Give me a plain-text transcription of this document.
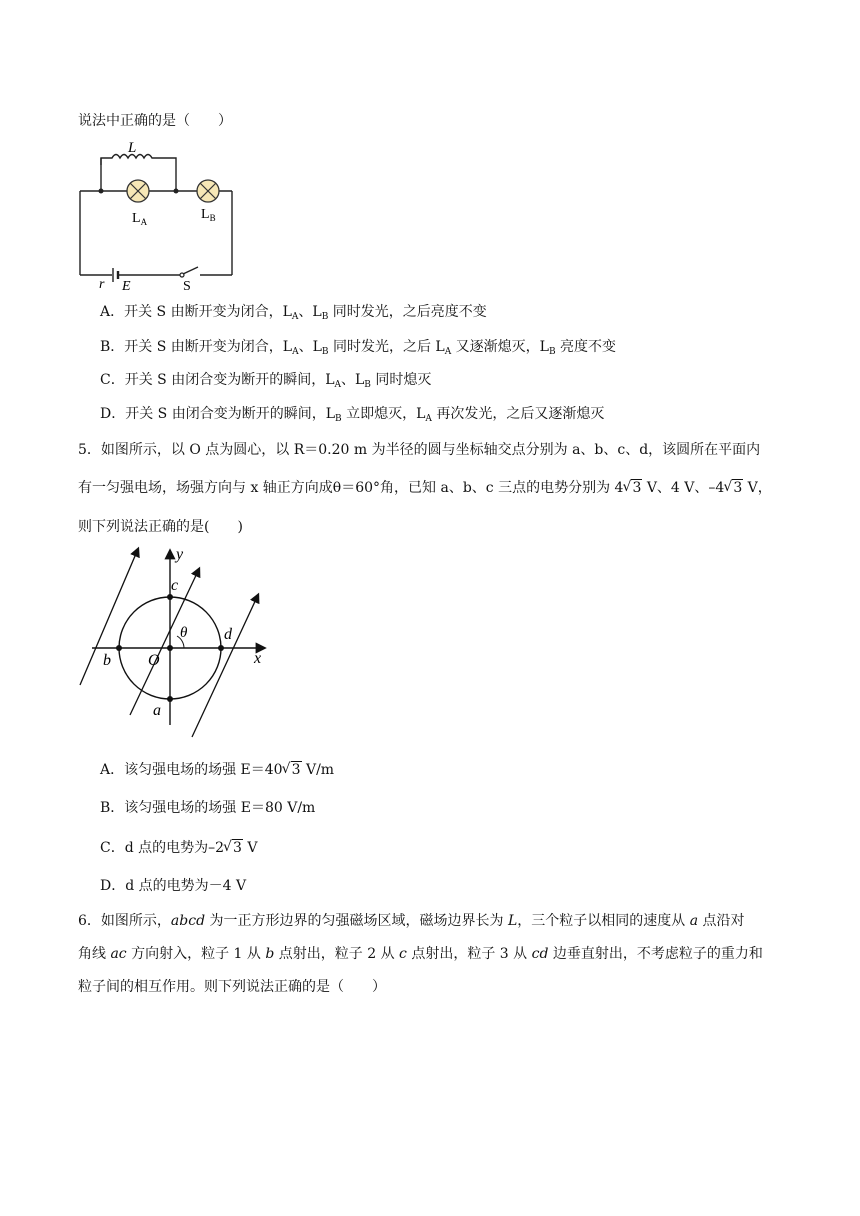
说法中正确的是（　　）
L
$L_A$	$L_B$
r E	S
A．开关 S 由断开变为闭合，$L_A$、$L_B$ 同时发光，之后亮度不变
B．开关 S 由断开变为闭合，$L_A$、$L_B$ 同时发光，之后 $L_A$ 又逐渐熄灭，$L_B$ 亮度不变
C．开关 S 由闭合变为断开的瞬间，$L_A$、$L_B$ 同时熄灭
D．开关 S 由闭合变为断开的瞬间，$L_B$ 立即熄灭，$L_A$ 再次发光，之后又逐渐熄灭
5．如图所示，以 O 点为圆心，以 R＝0.20 m 为半径的圆与坐标轴交点分别为 a、b、c、d，该圆所在平面内
有一匀强电场，场强方向与 x 轴正方向成θ＝60°角，已知 a、b、c 三点的电势分别为 4 √ 3 V、4 V、–4 √ 3 V，
则下列说法正确的是(　　)
y
x
c
d
b O
a
θ
A．该匀强电场的场强 E＝40 √ 3 V/m
B．该匀强电场的场强 E＝80 V/m
C．d 点的电势为–2 √ 3 V
D．d 点的电势为－4 V
6．如图所示，abcd 为一正方形边界的匀强磁场区域，磁场边界长为 L，三个粒子以相同的速度从 a 点沿对
角线 ac 方向射入，粒子 1 从 b 点射出，粒子 2 从 c 点射出，粒子 3 从 cd 边垂直射出，不考虑粒子的重力和
粒子间的相互作用。则下列说法正确的是（　　）
